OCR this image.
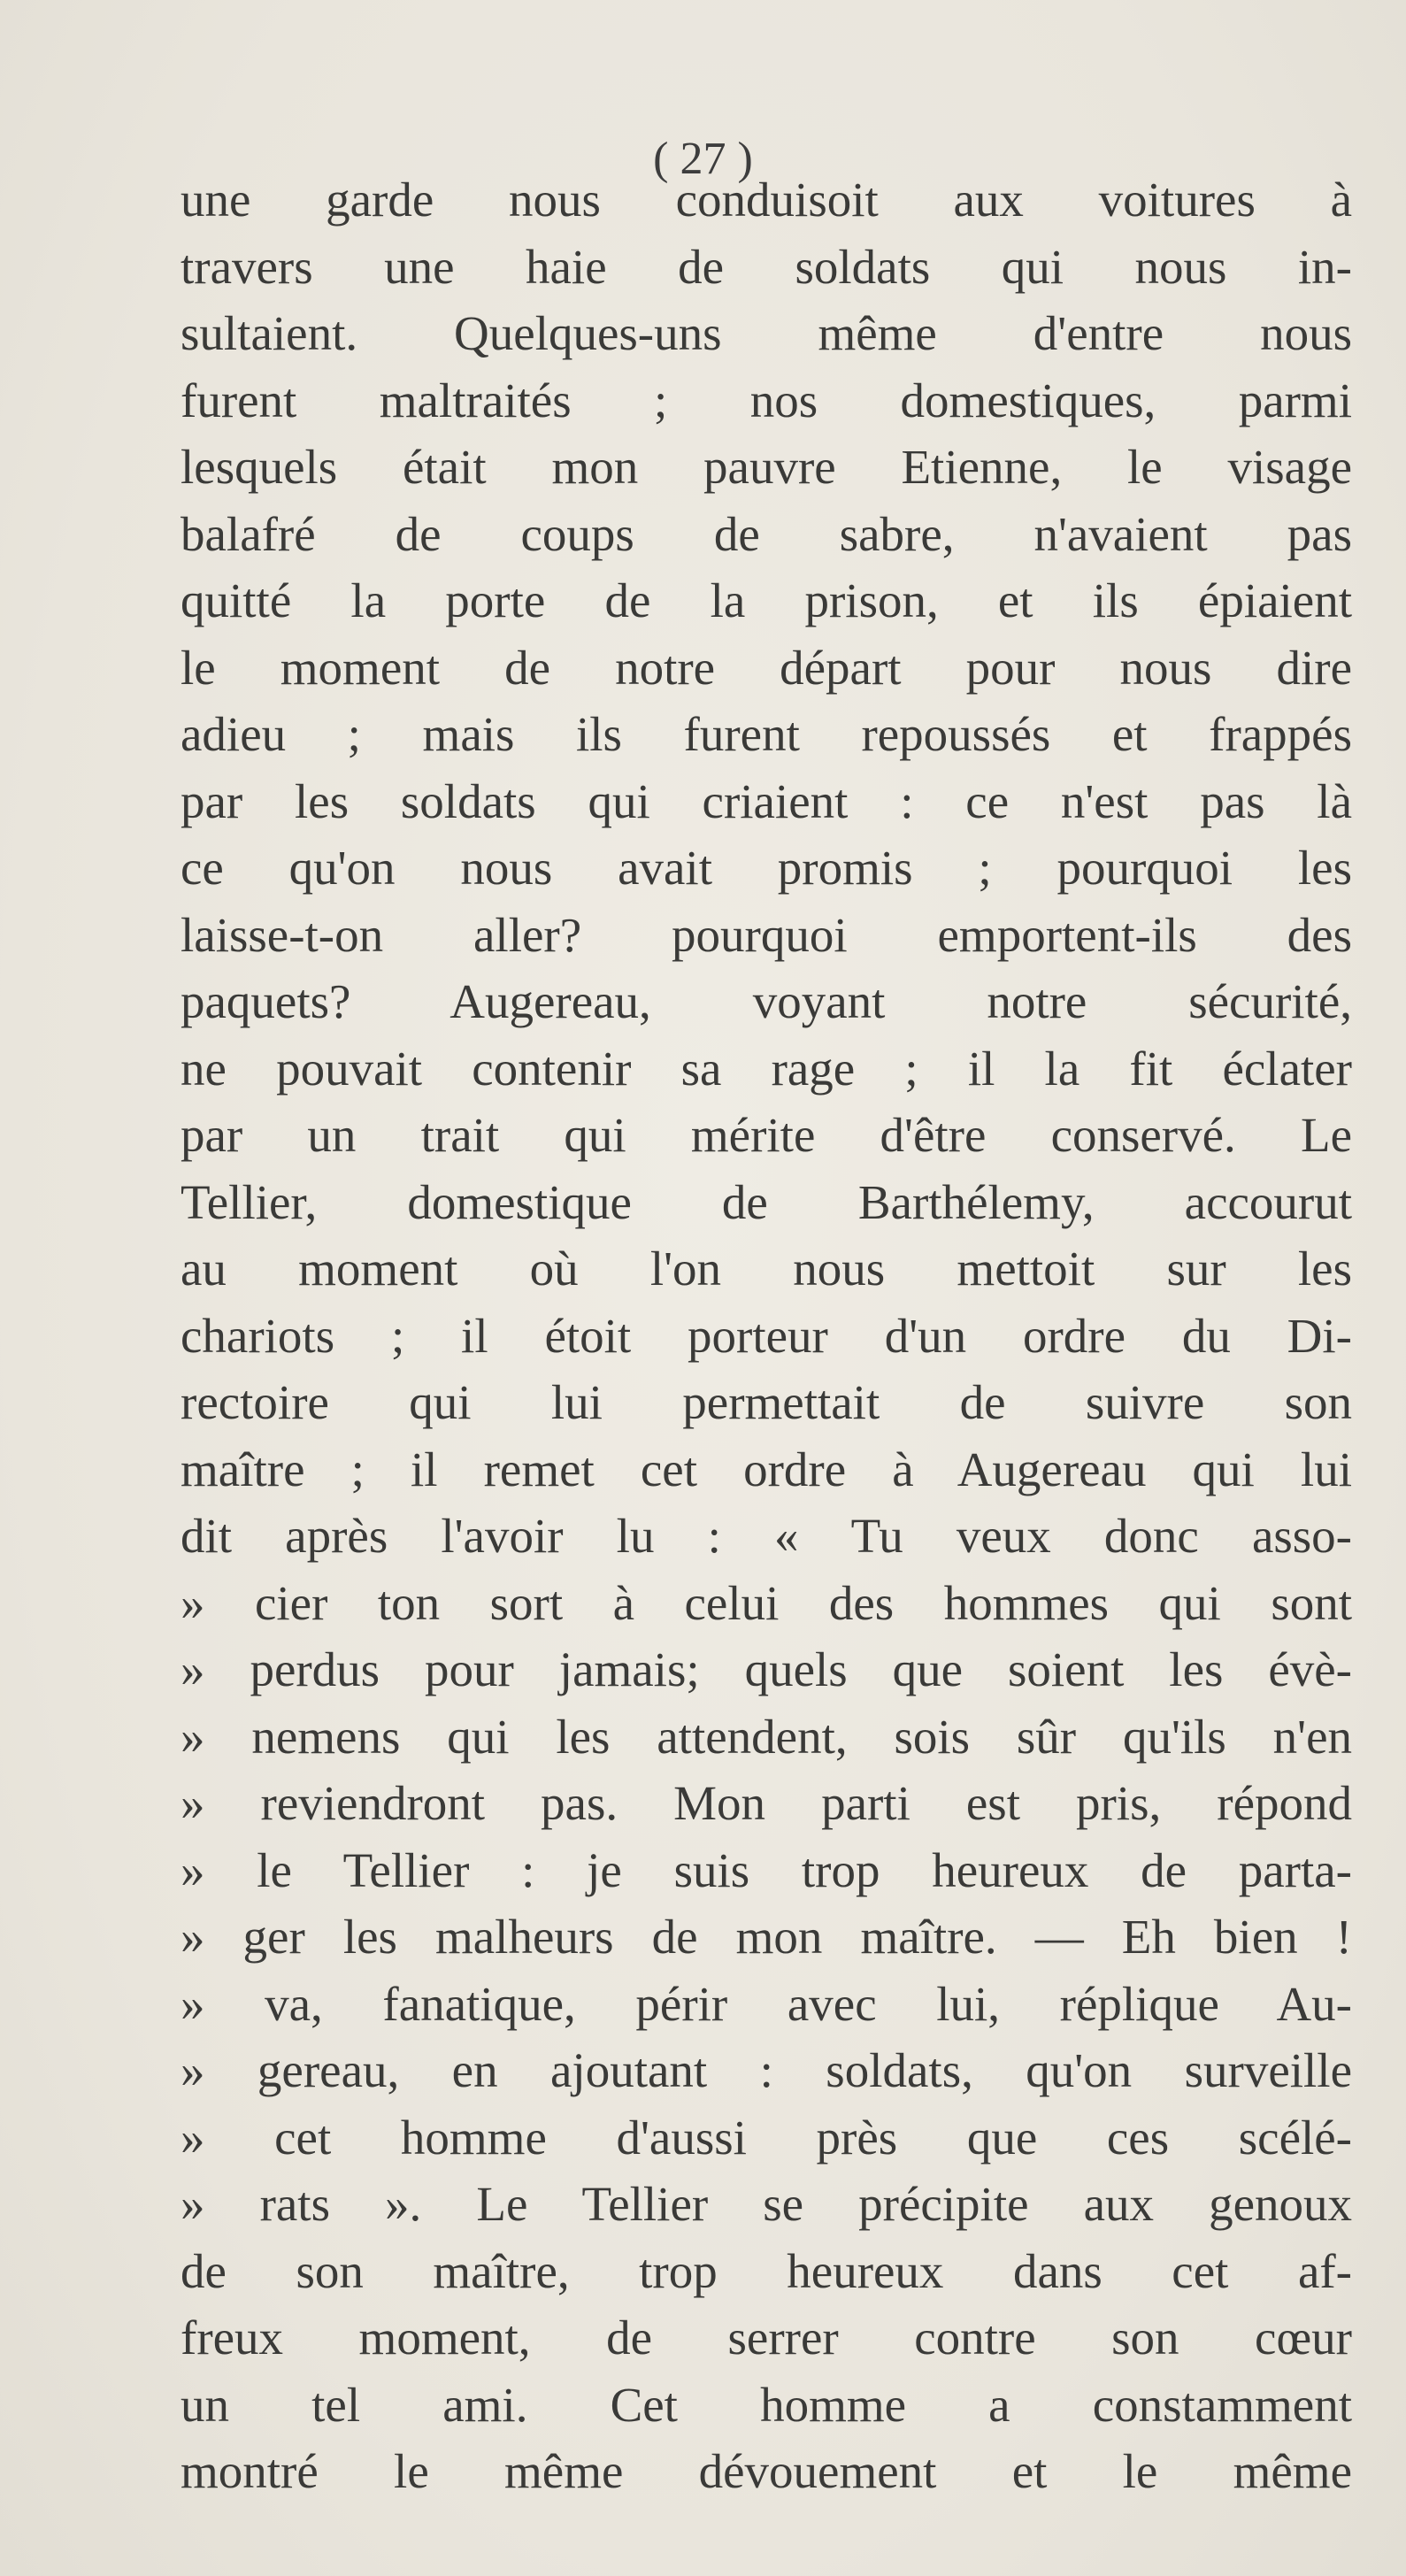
( 27 )
une garde nous conduisoit aux voitures à
travers une haie de soldats qui nous in-
sultaient. Quelques-uns même d'entre nous
furent maltraités ; nos domestiques, parmi
lesquels était mon pauvre Etienne, le visage
balafré de coups de sabre, n'avaient pas
quitté la porte de la prison, et ils épiaient
le moment de notre départ pour nous dire
adieu ; mais ils furent repoussés et frappés
par les soldats qui criaient : ce n'est pas là
ce qu'on nous avait promis ; pourquoi les
laisse-t-on aller? pourquoi emportent-ils des
paquets? Augereau, voyant notre sécurité,
ne pouvait contenir sa rage ; il la fit éclater
par un trait qui mérite d'être conservé. Le
Tellier, domestique de Barthélemy, accourut
au moment où l'on nous mettoit sur les
chariots ; il étoit porteur d'un ordre du Di-
rectoire qui lui permettait de suivre son
maître ; il remet cet ordre à Augereau qui lui
dit après l'avoir lu : « Tu veux donc asso-
» cier ton sort à celui des hommes qui sont
» perdus pour jamais; quels que soient les évè-
» nemens qui les attendent, sois sûr qu'ils n'en
» reviendront pas. Mon parti est pris, répond
» le Tellier : je suis trop heureux de parta-
» ger les malheurs de mon maître. — Eh bien !
» va, fanatique, périr avec lui, réplique Au-
» gereau, en ajoutant : soldats, qu'on surveille
» cet homme d'aussi près que ces scélé-
» rats ». Le Tellier se précipite aux genoux
de son maître, trop heureux dans cet af-
freux moment, de serrer contre son cœur
un tel ami. Cet homme a constamment
montré le même dévouement et le même
